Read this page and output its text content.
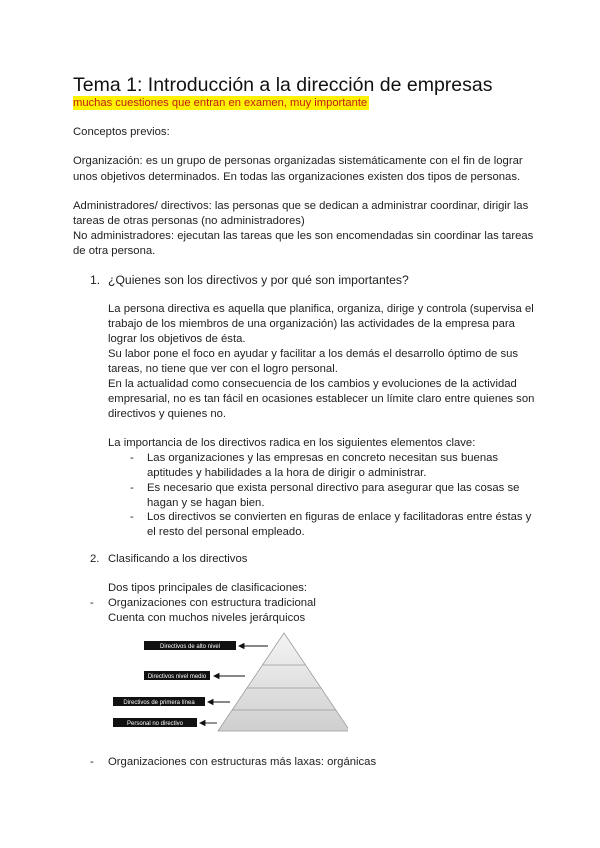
Tema 1: Introducción a la dirección de empresas
muchas cuestiones que entran en examen, muy importante
Conceptos previos:
Organización: es un grupo de personas organizadas sistemáticamente con el fin de lograr
unos objetivos determinados. En todas las organizaciones existen dos tipos de personas.
Administradores/ directivos: las personas que se dedican a administrar coordinar, dirigir las
tareas de otras personas (no administradores)
No administradores: ejecutan las tareas que les son encomendadas sin coordinar las tareas
de otra persona.
1. ¿Quienes son los directivos y por qué son importantes?
La persona directiva es aquella que planifica, organiza, dirige y controla (supervisa el
trabajo de los miembros de una organización) las actividades de la empresa para
lograr los objetivos de ésta.
Su labor pone el foco en ayudar y facilitar a los demás el desarrollo óptimo de sus
tareas, no tiene que ver con el logro personal.
En la actualidad como consecuencia de los cambios y evoluciones de la actividad
empresarial, no es tan fácil en ocasiones establecer un límite claro entre quienes son
directivos y quienes no.
La importancia de los directivos radica en los siguientes elementos clave:
- Las organizaciones y las empresas en concreto necesitan sus buenas
aptitudes y habilidades a la hora de dirigir o administrar.
- Es necesario que exista personal directivo para asegurar que las cosas se
hagan y se hagan bien.
- Los directivos se convierten en figuras de enlace y facilitadoras entre éstas y
el resto del personal empleado.
2. Clasificando a los directivos
Dos tipos principales de clasificaciones:
- Organizaciones con estructura tradicional
Cuenta con muchos niveles jerárquicos
Directivos de alto nivel
Directivos nivel medio
Directivos de primera línea
Personal no directivo
- Organizaciones con estructuras más laxas: orgánicas
